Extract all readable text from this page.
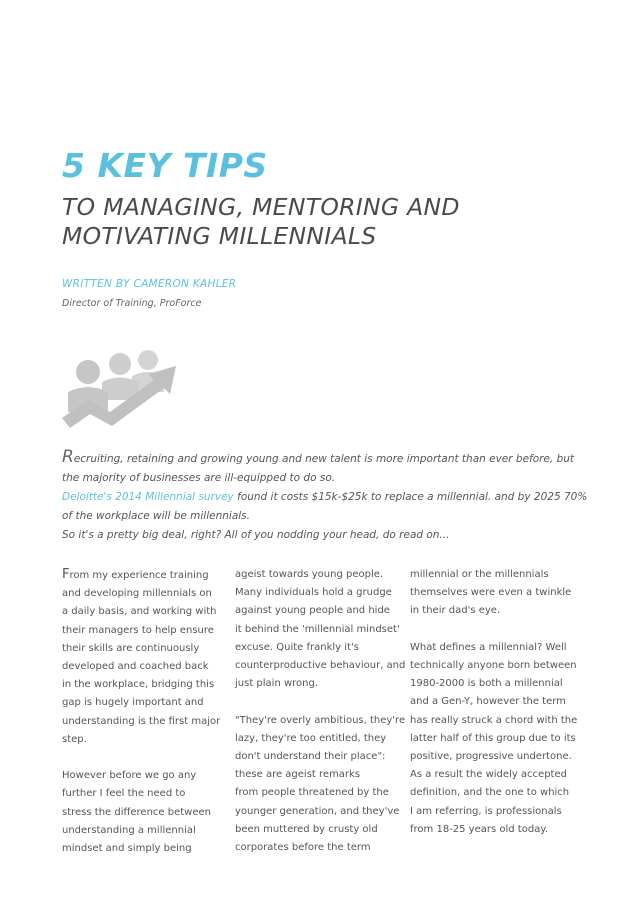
5 KEY TIPS
TO MANAGING, MENTORING AND
MOTIVATING MILLENNIALS
WRITTEN BY CAMERON KAHLER
Director of Training, ProForce
Recruiting, retaining and growing young and new talent is more important than ever before, but
the majority of businesses are ill-equipped to do so.
Deloitte's 2014 Millennial survey found it costs $15k-$25k to replace a millennial. and by 2025 70%
of the workplace will be millennials.
So it's a pretty big deal, right? All of you nodding your head, do read on...

From my experience training
and developing millennials on
a daily basis, and working with
their managers to help ensure
their skills are continuously
developed and coached back
in the workplace, bridging this
gap is hugely important and
understanding is the first major
step.

However before we go any
further I feel the need to
stress the difference between
understanding a millennial
mindset and simply being

ageist towards young people.
Many individuals hold a grudge
against young people and hide
it behind the 'millennial mindset'
excuse. Quite frankly it's
counterproductive behaviour, and
just plain wrong.

"They're overly ambitious, they're
lazy, they're too entitled, they
don't understand their place":
these are ageist remarks
from people threatened by the
younger generation, and they've
been muttered by crusty old
corporates before the term

millennial or the millennials
themselves were even a twinkle
in their dad's eye.

What defines a millennial? Well
technically anyone born between
1980-2000 is both a millennial
and a Gen-Y, however the term
has really struck a chord with the
latter half of this group due to its
positive, progressive undertone.
As a result the widely accepted
definition, and the one to which
I am referring, is professionals
from 18-25 years old today.
